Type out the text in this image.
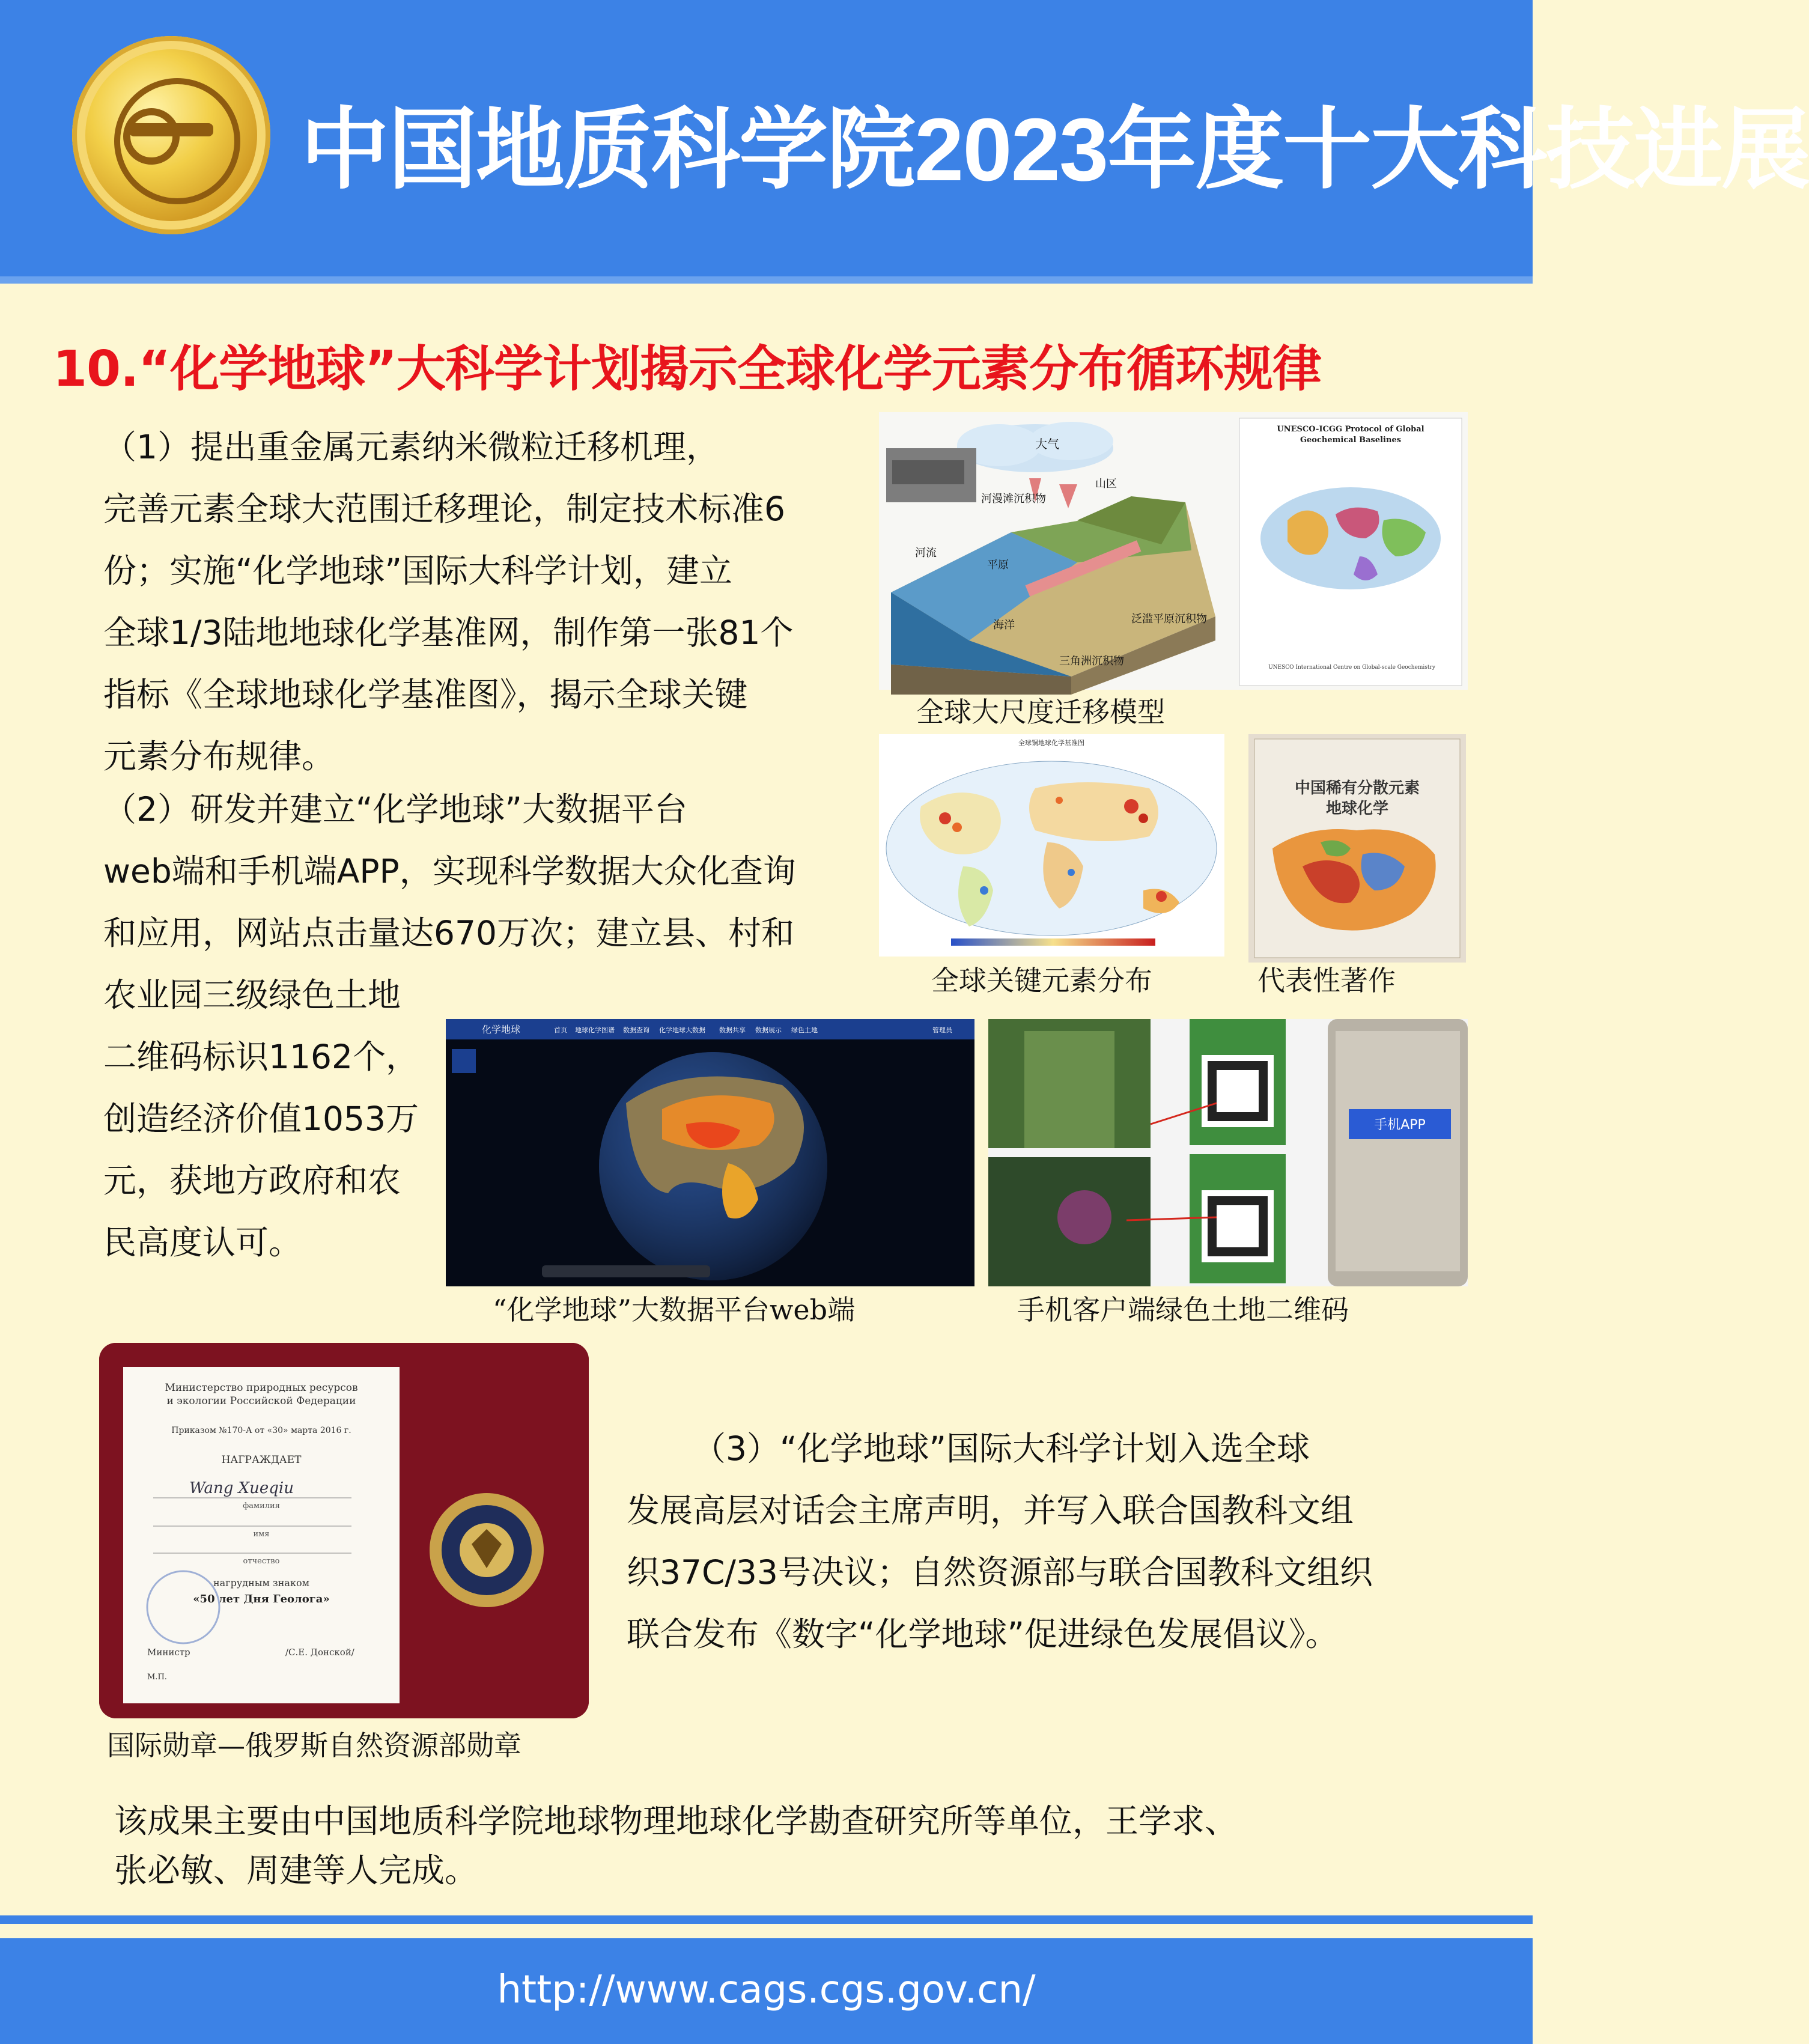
中国地质科学院2023年度十大科技进展
10.“化学地球”大科学计划揭示全球化学元素分布循环规律

（1）提出重金属元素纳米微粒迁移机理，

完善元素全球大范围迁移理论，制定技术标准6

份；实施“化学地球”国际大科学计划，建立

全球1/3陆地地球化学基准网，制作第一张81个

指标《全球地球化学基准图》，揭示全球关键

元素分布规律。

（2）研发并建立“化学地球”大数据平台

web端和手机端APP，实现科学数据大众化查询

和应用，网站点击量达670万次；建立县、村和

农业园三级绿色土地

二维码标识1162个，

创造经济价值1053万

元，获地方政府和农

民高度认可。

大气
山区
河漫滩沉积物
河流
平原
海洋	泛滥平原沉积物
三角洲沉积物
UNESCO-ICGG Protocol of Global Geochemical Baselines
UNESCO International Centre on Global-scale Geochemistry
全球大尺度迁移模型
全球铜地球化学基准图
全球关键元素分布
中国稀有分散元素
地球化学
代表性著作
化学地球	首页 地球化学图谱 数据查询 化学地球大数据 数据共享 数据展示 绿色土地	管理员
“化学地球”大数据平台web端
手机APP
手机客户端绿色土地二维码
Министерство природных ресурсов
и экологии Российской Федерации
Приказом №170-А от «30» марта 2016 г.
НАГРАЖДАЕТ
Wang Xueqiu
фамилия
имя
отчество
нагрудным знаком
«50 лет Дня Геолога»
Министр	/С.Е. Донской/
М.П.
国际勋章—俄罗斯自然资源部勋章

（3）“化学地球”国际大科学计划入选全球

发展高层对话会主席声明，并写入联合国教科文组

织37C/33号决议；自然资源部与联合国教科文组织

联合发布《数字“化学地球”促进绿色发展倡议》。

该成果主要由中国地质科学院地球物理地球化学勘查研究所等单位，王学求、
张必敏、周建等人完成。
http://www.cags.cgs.gov.cn/
